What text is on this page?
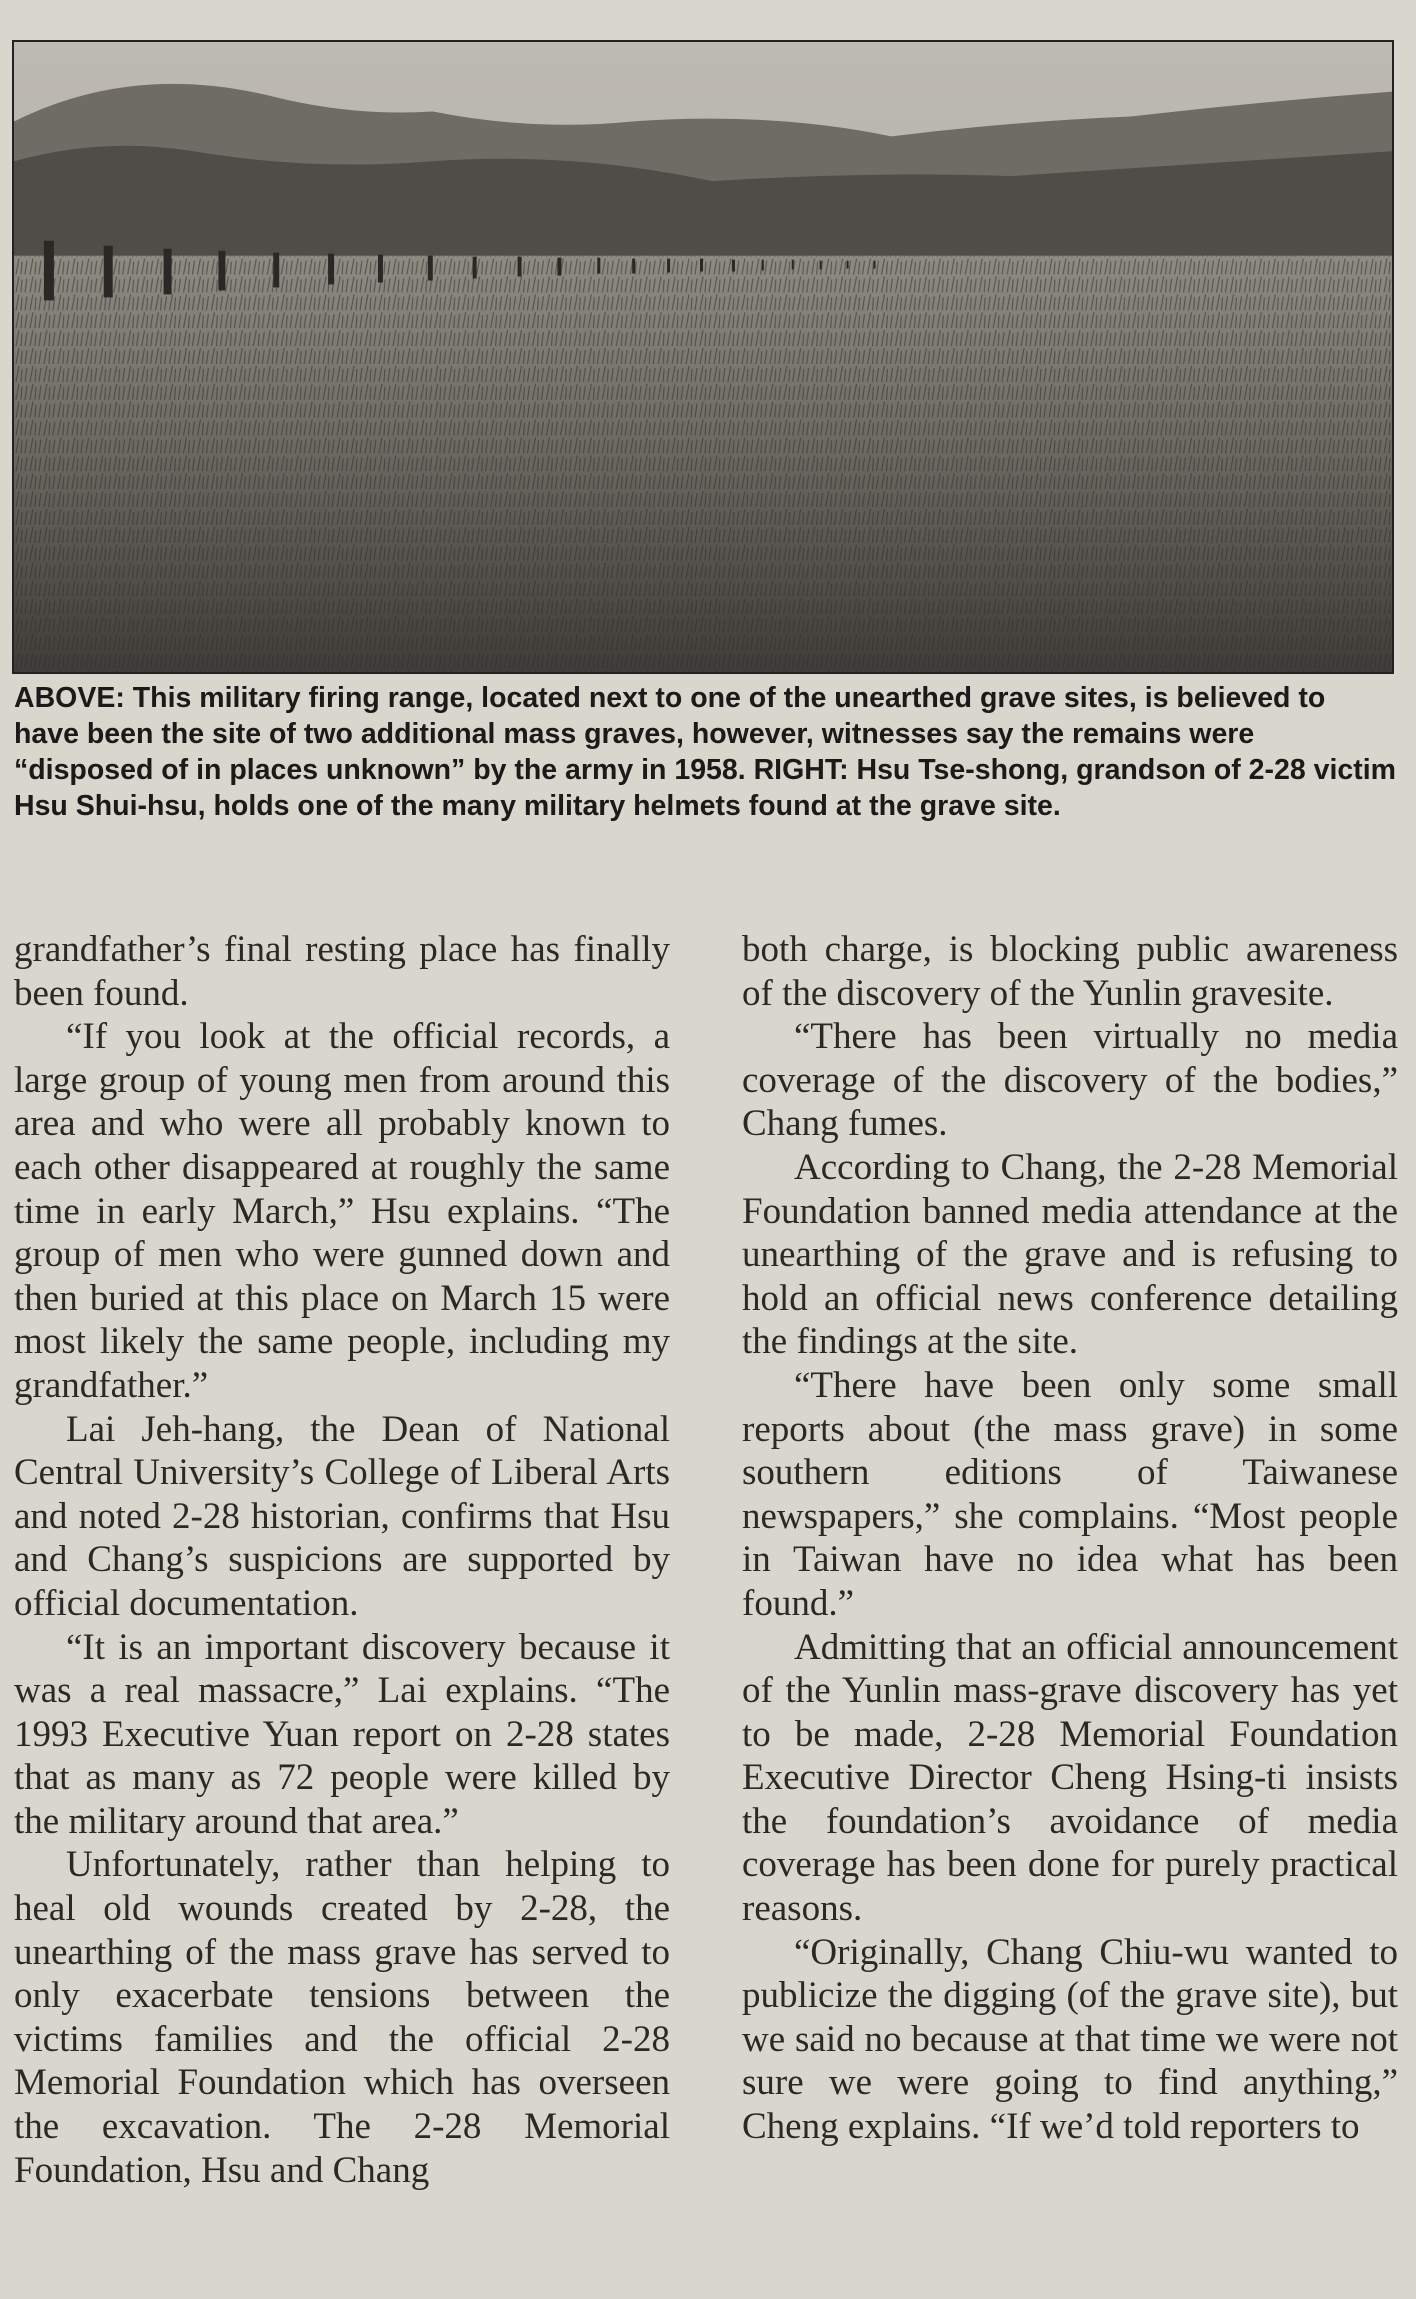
ABOVE: This military firing range, located next to one of the unearthed grave sites, is believed to have been the site of two additional mass graves, however, witnesses say the remains were “disposed of in places unknown” by the army in 1958. RIGHT: Hsu Tse-shong, grandson of 2-28 victim Hsu Shui-hsu, holds one of the many military helmets found at the grave site.

grandfather’s final resting place has finally been found.

“If you look at the official records, a large group of young men from around this area and who were all probably known to each other disappeared at roughly the same time in early March,” Hsu explains. “The group of men who were gunned down and then buried at this place on March 15 were most likely the same people, including my grandfather.”

Lai Jeh-hang, the Dean of National Central University’s College of Liberal Arts and noted 2-28 historian, confirms that Hsu and Chang’s suspicions are supported by official documentation.

“It is an important discovery because it was a real massacre,” Lai explains. “The 1993 Executive Yuan report on 2-28 states that as many as 72 people were killed by the military around that area.”

Unfortunately, rather than helping to heal old wounds created by 2-28, the unearthing of the mass grave has served to only exacerbate tensions between the victims families and the official 2-28 Memorial Foundation which has overseen the excavation. The 2-28 Memorial Foundation, Hsu and Chang

both charge, is blocking public awareness of the discovery of the Yunlin gravesite.

“There has been virtually no media coverage of the discovery of the bodies,” Chang fumes.

According to Chang, the 2-28 Memorial Foundation banned media attendance at the unearthing of the grave and is refusing to hold an official news conference detailing the findings at the site.

“There have been only some small reports about (the mass grave) in some southern editions of Taiwanese newspapers,” she complains. “Most people in Taiwan have no idea what has been found.”

Admitting that an official announcement of the Yunlin mass-grave discovery has yet to be made, 2-28 Memorial Foundation Executive Director Cheng Hsing-ti insists the foundation’s avoidance of media coverage has been done for purely practical reasons.

“Originally, Chang Chiu-wu wanted to publicize the digging (of the grave site), but we said no because at that time we were not sure we were going to find anything,” Cheng explains. “If we’d told reporters to
